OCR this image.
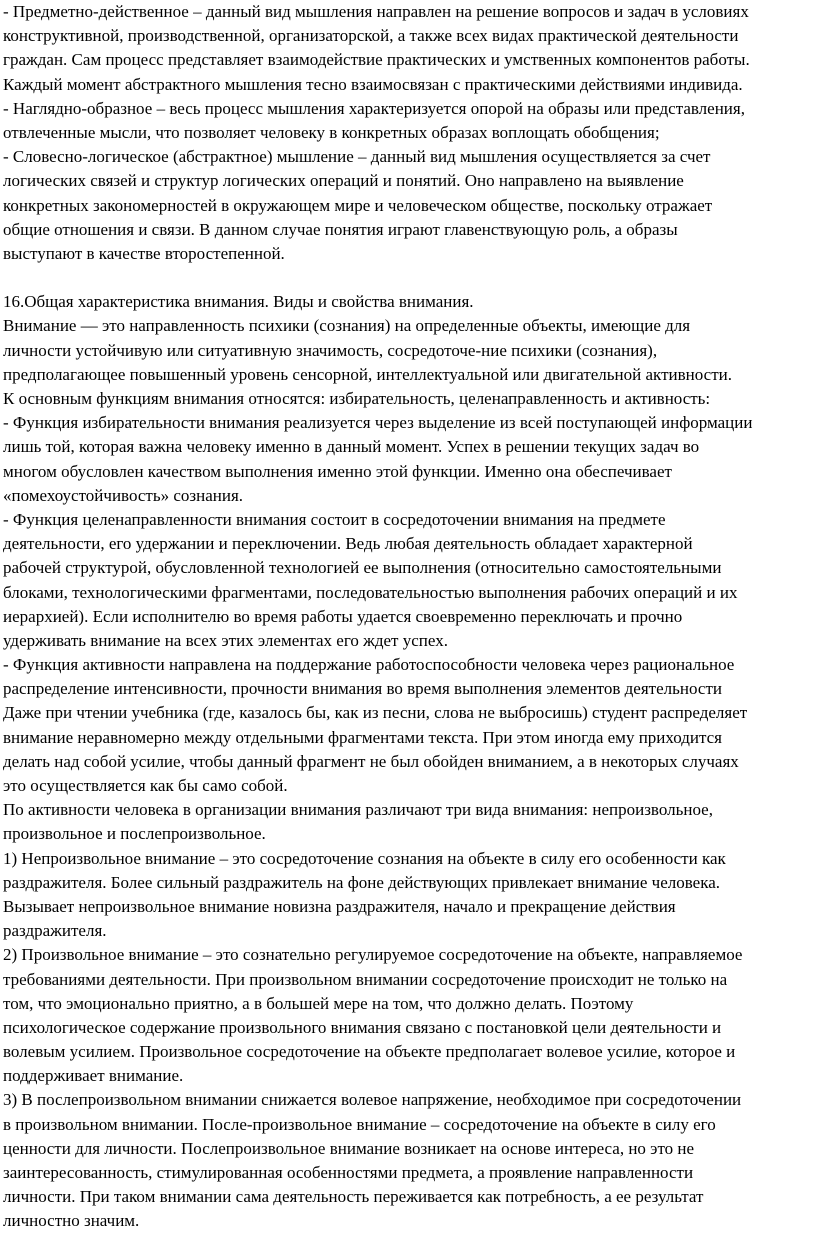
- Предметно-действенное – данный вид мышления направлен на решение вопросов и задач в условиях
конструктивной, производственной, организаторской, а также всех видах практической деятельности
граждан. Сам процесс представляет взаимодействие практических и умственных компонентов работы.
Каждый момент абстрактного мышления тесно взаимосвязан с практическими действиями индивида.
- Наглядно-образное – весь процесс мышления характеризуется опорой на образы или представления,
отвлеченные мысли, что позволяет человеку в конкретных образах воплощать обобщения;
- Словесно-логическое (абстрактное) мышление – данный вид мышления осуществляется за счет
логических связей и структур логических операций и понятий. Оно направлено на выявление
конкретных закономерностей в окружающем мире и человеческом обществе, поскольку отражает
общие отношения и связи. В данном случае понятия играют главенствующую роль, а образы
выступают в качестве второстепенной.
16.Общая характеристика внимания. Виды и свойства внимания.
Внимание — это направленность психики (сознания) на определенные объекты, имеющие для
личности устойчивую или ситуативную значимость, сосредоточе-ние психики (сознания),
предполагающее повышенный уровень сенсорной, интеллектуальной или двигательной активности.
К основным функциям внимания относятся: избирательность, целенаправленность и активность:
- Функция избирательности внимания реализуется через выделение из всей поступающей информации
лишь той, которая важна человеку именно в данный момент. Успех в решении текущих задач во
многом обусловлен качеством выполнения именно этой функции. Именно она обеспечивает
«помехоустойчивость» сознания.
- Функция целенаправленности внимания состоит в сосредоточении внимания на предмете
деятельности, его удержании и переключении. Ведь любая деятельность обладает характерной
рабочей структурой, обусловленной технологией ее выполнения (относительно самостоятельными
блоками, технологическими фрагментами, последовательностью выполнения рабочих операций и их
иерархией). Если исполнителю во время работы удается своевременно переключать и прочно
удерживать внимание на всех этих элементах его ждет успех.
- Функция активности направлена на поддержание работоспособности человека через рациональное
распределение интенсивности, прочности внимания во время выполнения элементов деятельности
Даже при чтении учебника (где, казалось бы, как из песни, слова не выбросишь) студент распределяет
внимание неравномерно между отдельными фрагментами текста. При этом иногда ему приходится
делать над собой усилие, чтобы данный фрагмент не был обойден вниманием, а в некоторых случаях
это осуществляется как бы само собой.
По активности человека в организации внимания различают три вида внимания: непроизвольное,
произвольное и послепроизвольное.
1) Непроизвольное внимание – это сосредоточение сознания на объекте в силу его особенности как
раздражителя. Более сильный раздражитель на фоне действующих привлекает внимание человека.
Вызывает непроизвольное внимание новизна раздражителя, начало и прекращение действия
раздражителя.
2) Произвольное внимание – это сознательно регулируемое сосредоточение на объекте, направляемое
требованиями деятельности. При произвольном внимании сосредоточение происходит не только на
том, что эмоционально приятно, а в большей мере на том, что должно делать. Поэтому
психологическое содержание произвольного внимания связано с постановкой цели деятельности и
волевым усилием. Произвольное сосредоточение на объекте предполагает волевое усилие, которое и
поддерживает внимание.
3) В послепроизвольном внимании снижается волевое напряжение, необходимое при сосредоточении
в произвольном внимании. После-произвольное внимание – сосредоточение на объекте в силу его
ценности для личности. Послепроизвольное внимание возникает на основе интереса, но это не
заинтересованность, стимулированная особенностями предмета, а проявление направленности
личности. При таком внимании сама деятельность переживается как потребность, а ее результат
личностно значим.
